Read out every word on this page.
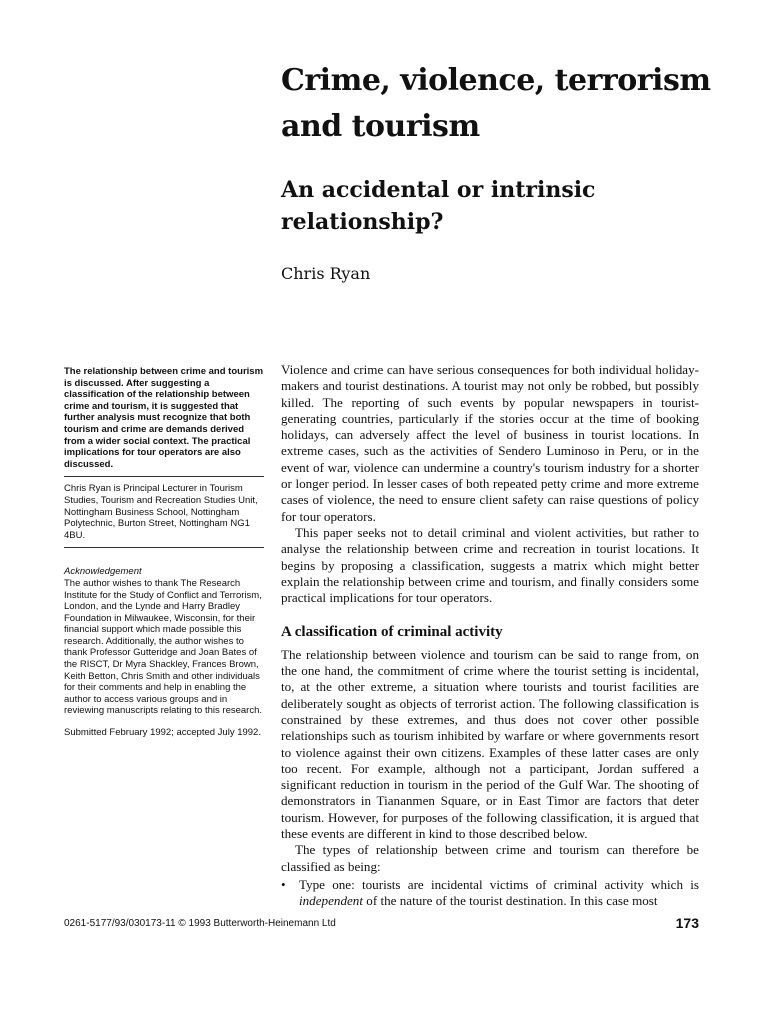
Crime, violence, terrorism
and tourism
An accidental or intrinsic
relationship?
Chris Ryan

The relationship between crime and tourism is discussed. After suggesting a classification of the relationship between crime and tourism, it is suggested that further analysis must recognize that both tourism and crime are demands derived from a wider social context. The practical implications for tour operators are also discussed.

Chris Ryan is Principal Lecturer in Tourism Studies, Tourism and Recreation Studies Unit, Nottingham Business School, Nottingham Polytechnic, Burton Street, Nottingham NG1 4BU.

Acknowledgement

The author wishes to thank The Research Institute for the Study of Conflict and Terrorism, London, and the Lynde and Harry Bradley Foundation in Milwaukee, Wisconsin, for their financial support which made possible this research. Additionally, the author wishes to thank Professor Gutteridge and Joan Bates of the RISCT, Dr Myra Shackley, Frances Brown, Keith Betton, Chris Smith and other individuals for their comments and help in enabling the author to access various groups and in reviewing manuscripts relating to this research.

Submitted February 1992; accepted July 1992.

Violence and crime can have serious consequences for both individual holiday-makers and tourist destinations. A tourist may not only be robbed, but possibly killed. The reporting of such events by popular newspapers in tourist-generating countries, particularly if the stories occur at the time of booking holidays, can adversely affect the level of business in tourist locations. In extreme cases, such as the activities of Sendero Luminoso in Peru, or in the event of war, violence can undermine a country's tourism industry for a shorter or longer period. In lesser cases of both repeated petty crime and more extreme cases of violence, the need to ensure client safety can raise questions of policy for tour operators.

This paper seeks not to detail criminal and violent activities, but rather to analyse the relationship between crime and recreation in tourist locations. It begins by proposing a classification, suggests a matrix which might better explain the relationship between crime and tourism, and finally considers some practical implications for tour operators.

A classification of criminal activity

The relationship between violence and tourism can be said to range from, on the one hand, the commitment of crime where the tourist setting is incidental, to, at the other extreme, a situation where tourists and tourist facilities are deliberately sought as objects of terrorist action. The following classification is constrained by these extremes, and thus does not cover other possible relationships such as tourism inhibited by warfare or where governments resort to violence against their own citizens. Examples of these latter cases are only too recent. For example, although not a participant, Jordan suffered a significant reduction in tourism in the period of the Gulf War. The shooting of demonstrators in Tiananmen Square, or in East Timor are factors that deter tourism. However, for purposes of the following classification, it is argued that these events are different in kind to those described below.

The types of relationship between crime and tourism can therefore be classified as being:

•	Type one: tourists are incidental victims of criminal activity which is independent of the nature of the tourist destination. In this case most
0261-5177/93/030173-11 © 1993 Butterworth-Heinemann Ltd	173
